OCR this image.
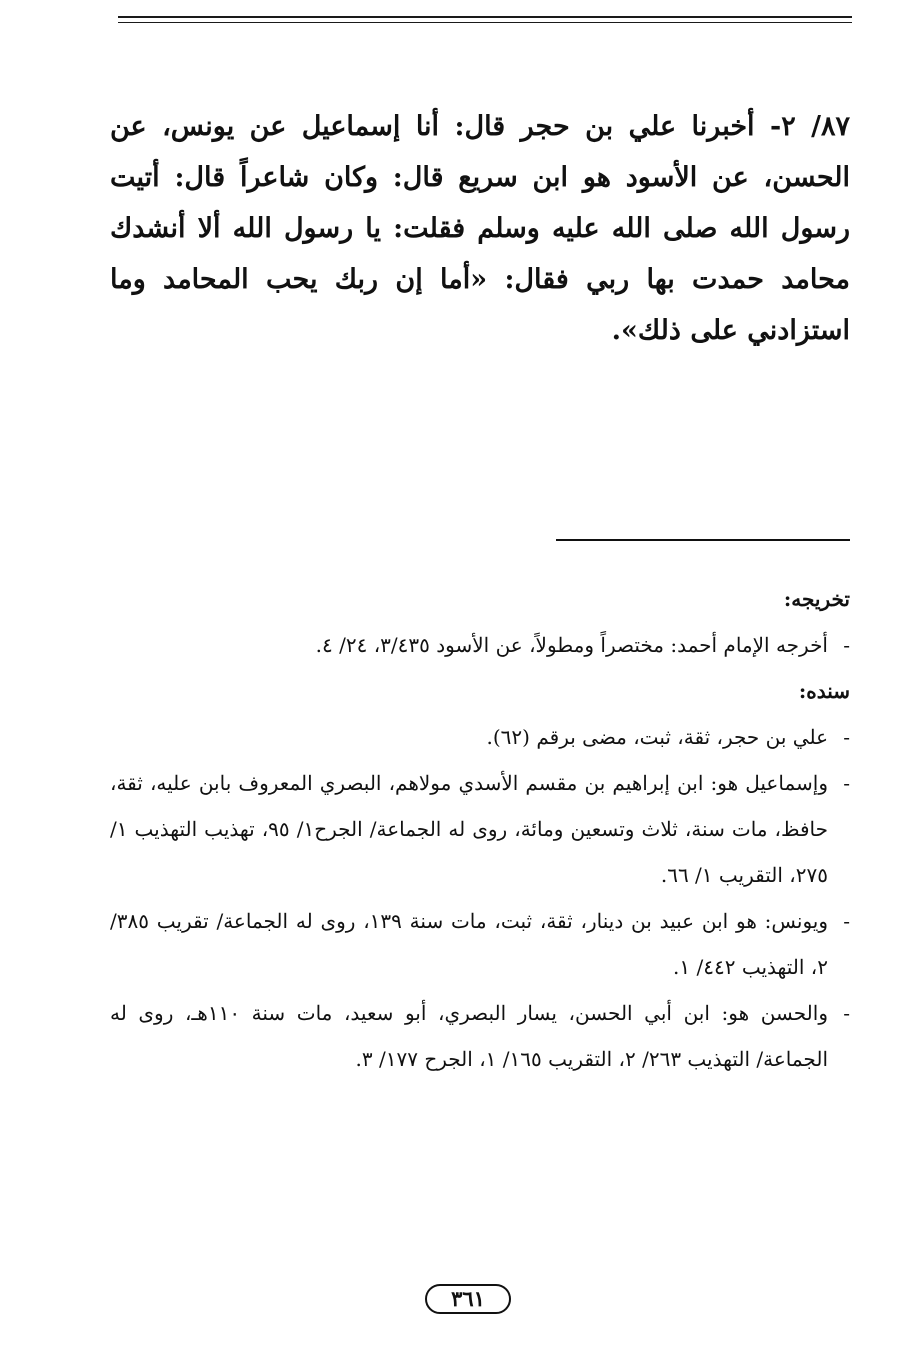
٨٧/ ٢- أخبرنا علي بن حجر قال: أنا إسماعيل عن يونس، عن الحسن، عن الأسود هو ابن سريع قال: وكان شاعراً قال: أتيت رسول الله صلى الله عليه وسلم فقلت: يا رسول الله ألا أنشدك محامد حمدت بها ربي فقال: «أما إن ربك يحب المحامد وما استزادني على ذلك».

تخريجه:

-
أخرجه الإمام أحمد: مختصراً ومطولاً، عن الأسود ٣/٤٣٥، ٢٤/ ٤.

سنده:

-
علي بن حجر، ثقة، ثبت، مضى برقم (٦٢).

-
وإسماعيل هو: ابن إبراهيم بن مقسم الأسدي مولاهم، البصري المعروف بابن عليه، ثقة، حافظ، مات سنة، ثلاث وتسعين ومائة، روى له الجماعة/ الجرح١/ ٩٥، تهذيب التهذيب ١/ ٢٧٥، التقريب ١/ ٦٦.

-
ويونس: هو ابن عبيد بن دينار، ثقة، ثبت، مات سنة ١٣٩، روى له الجماعة/ تقريب ٣٨٥/ ٢، التهذيب ٤٤٢/ ١.

-
والحسن هو: ابن أبي الحسن، يسار البصري، أبو سعيد، مات سنة ١١٠هـ، روى له الجماعة/ التهذيب ٢٦٣/ ٢، التقريب ١٦٥/ ١، الجرح ١٧٧/ ٣.

٣٦١
